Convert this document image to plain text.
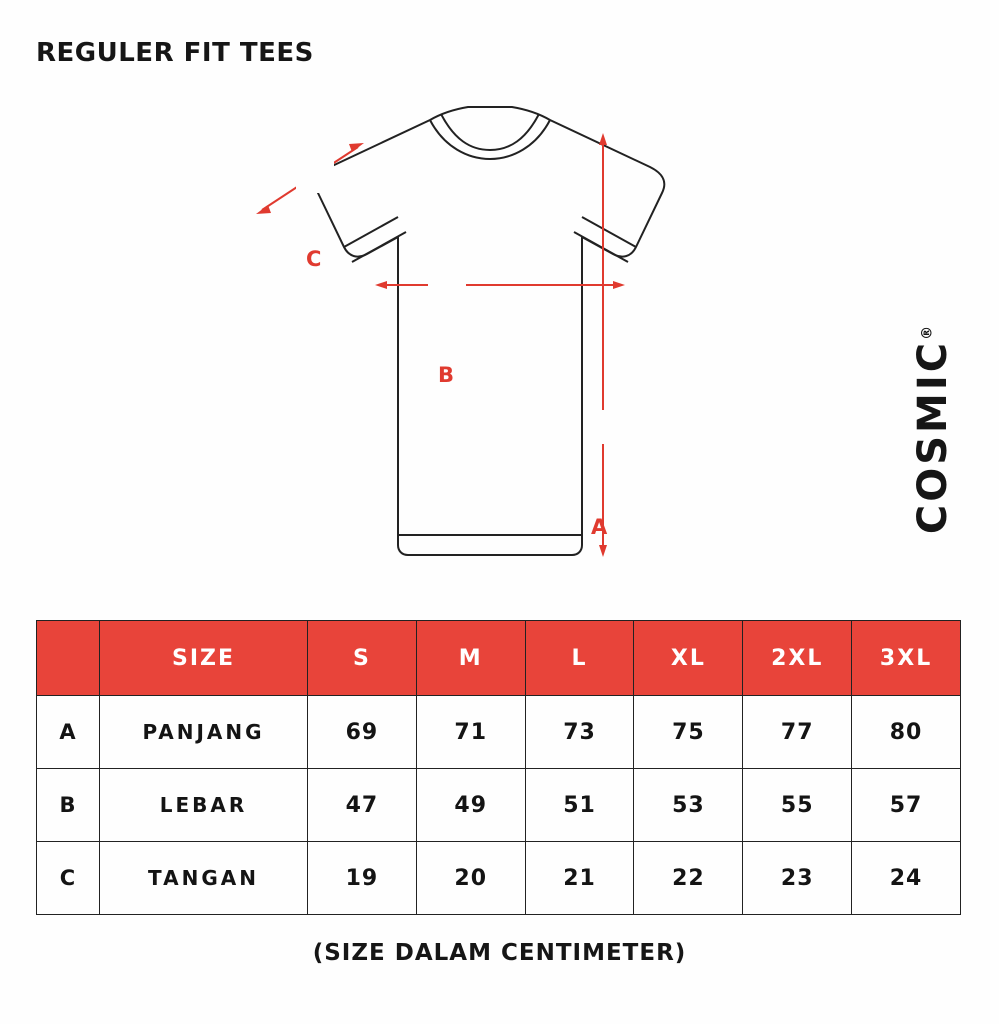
REGULER FIT TEES
COSMIC®
A
B
C
	SIZE	S	M	L	XL	2XL	3XL
A	PANJANG	69	71	73	75	77	80
B	LEBAR	47	49	51	53	55	57
C	TANGAN	19	20	21	22	23	24
(SIZE DALAM CENTIMETER)
